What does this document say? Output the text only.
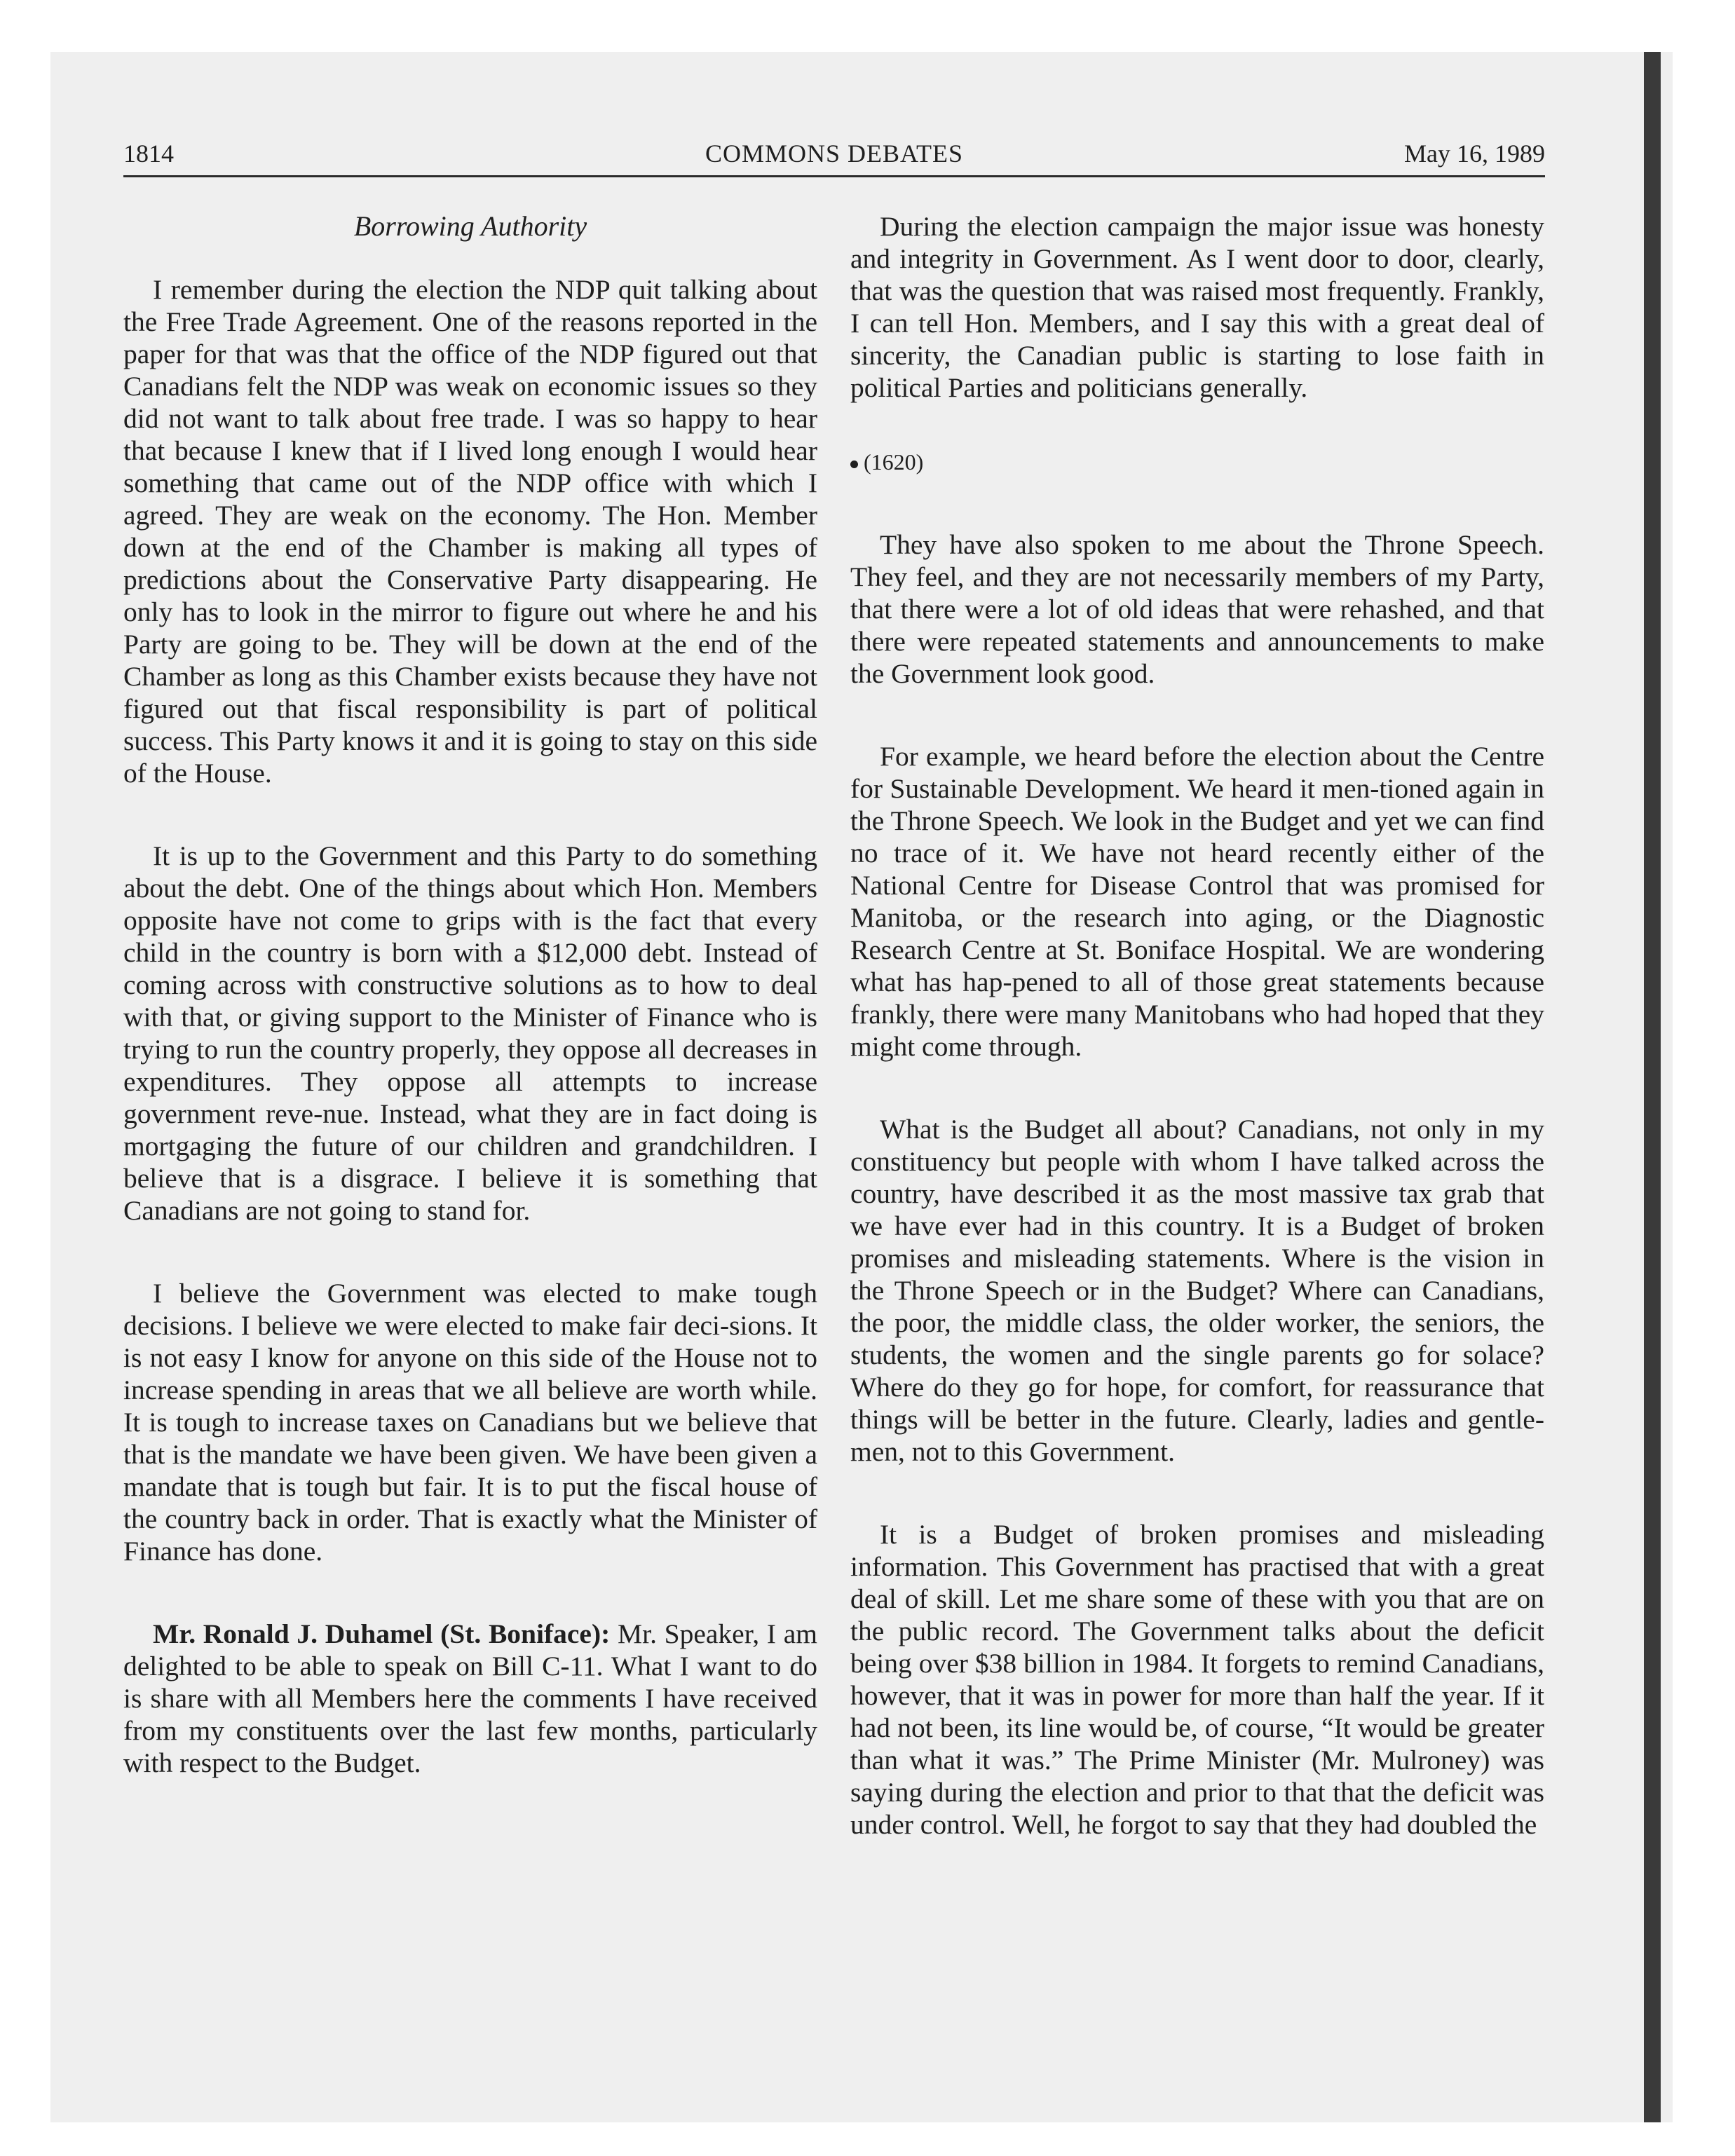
1814	COMMONS DEBATES	May 16, 1989
Borrowing Authority

I remember during the election the NDP quit talking about the Free Trade Agreement. One of the reasons reported in the paper for that was that the office of the NDP figured out that Canadians felt the NDP was weak on economic issues so they did not want to talk about free trade. I was so happy to hear that because I knew that if I lived long enough I would hear something that came out of the NDP office with which I agreed. They are weak on the economy. The Hon. Member down at the end of the Chamber is making all types of predictions about the Conservative Party disappearing. He only has to look in the mirror to figure out where he and his Party are going to be. They will be down at the end of the Chamber as long as this Chamber exists because they have not figured out that fiscal responsibility is part of political success. This Party knows it and it is going to stay on this side of the House.

It is up to the Government and this Party to do something about the debt. One of the things about which Hon. Members opposite have not come to grips with is the fact that every child in the country is born with a $12,000 debt. Instead of coming across with constructive solutions as to how to deal with that, or giving support to the Minister of Finance who is trying to run the country properly, they oppose all decreases in expenditures. They oppose all attempts to increase government reve-nue. Instead, what they are in fact doing is mortgaging the future of our children and grandchildren. I believe that is a disgrace. I believe it is something that Canadians are not going to stand for.

I believe the Government was elected to make tough decisions. I believe we were elected to make fair deci-sions. It is not easy I know for anyone on this side of the House not to increase spending in areas that we all believe are worth while. It is tough to increase taxes on Canadians but we believe that that is the mandate we have been given. We have been given a mandate that is tough but fair. It is to put the fiscal house of the country back in order. That is exactly what the Minister of Finance has done.

Mr. Ronald J. Duhamel (St. Boniface): Mr. Speaker, I am delighted to be able to speak on Bill C-11. What I want to do is share with all Members here the comments I have received from my constituents over the last few months, particularly with respect to the Budget.

During the election campaign the major issue was honesty and integrity in Government. As I went door to door, clearly, that was the question that was raised most frequently. Frankly, I can tell Hon. Members, and I say this with a great deal of sincerity, the Canadian public is starting to lose faith in political Parties and politicians generally.

(1620)

They have also spoken to me about the Throne Speech. They feel, and they are not necessarily members of my Party, that there were a lot of old ideas that were rehashed, and that there were repeated statements and announcements to make the Government look good.

For example, we heard before the election about the Centre for Sustainable Development. We heard it men-tioned again in the Throne Speech. We look in the Budget and yet we can find no trace of it. We have not heard recently either of the National Centre for Disease Control that was promised for Manitoba, or the research into aging, or the Diagnostic Research Centre at St. Boniface Hospital. We are wondering what has hap-pened to all of those great statements because frankly, there were many Manitobans who had hoped that they might come through.

What is the Budget all about? Canadians, not only in my constituency but people with whom I have talked across the country, have described it as the most massive tax grab that we have ever had in this country. It is a Budget of broken promises and misleading statements. Where is the vision in the Throne Speech or in the Budget? Where can Canadians, the poor, the middle class, the older worker, the seniors, the students, the women and the single parents go for solace? Where do they go for hope, for comfort, for reassurance that things will be better in the future. Clearly, ladies and gentle-men, not to this Government.

It is a Budget of broken promises and misleading information. This Government has practised that with a great deal of skill. Let me share some of these with you that are on the public record. The Government talks about the deficit being over $38 billion in 1984. It forgets to remind Canadians, however, that it was in power for more than half the year. If it had not been, its line would be, of course, “It would be greater than what it was.” The Prime Minister (Mr. Mulroney) was saying during the election and prior to that that the deficit was under control. Well, he forgot to say that they had doubled the
